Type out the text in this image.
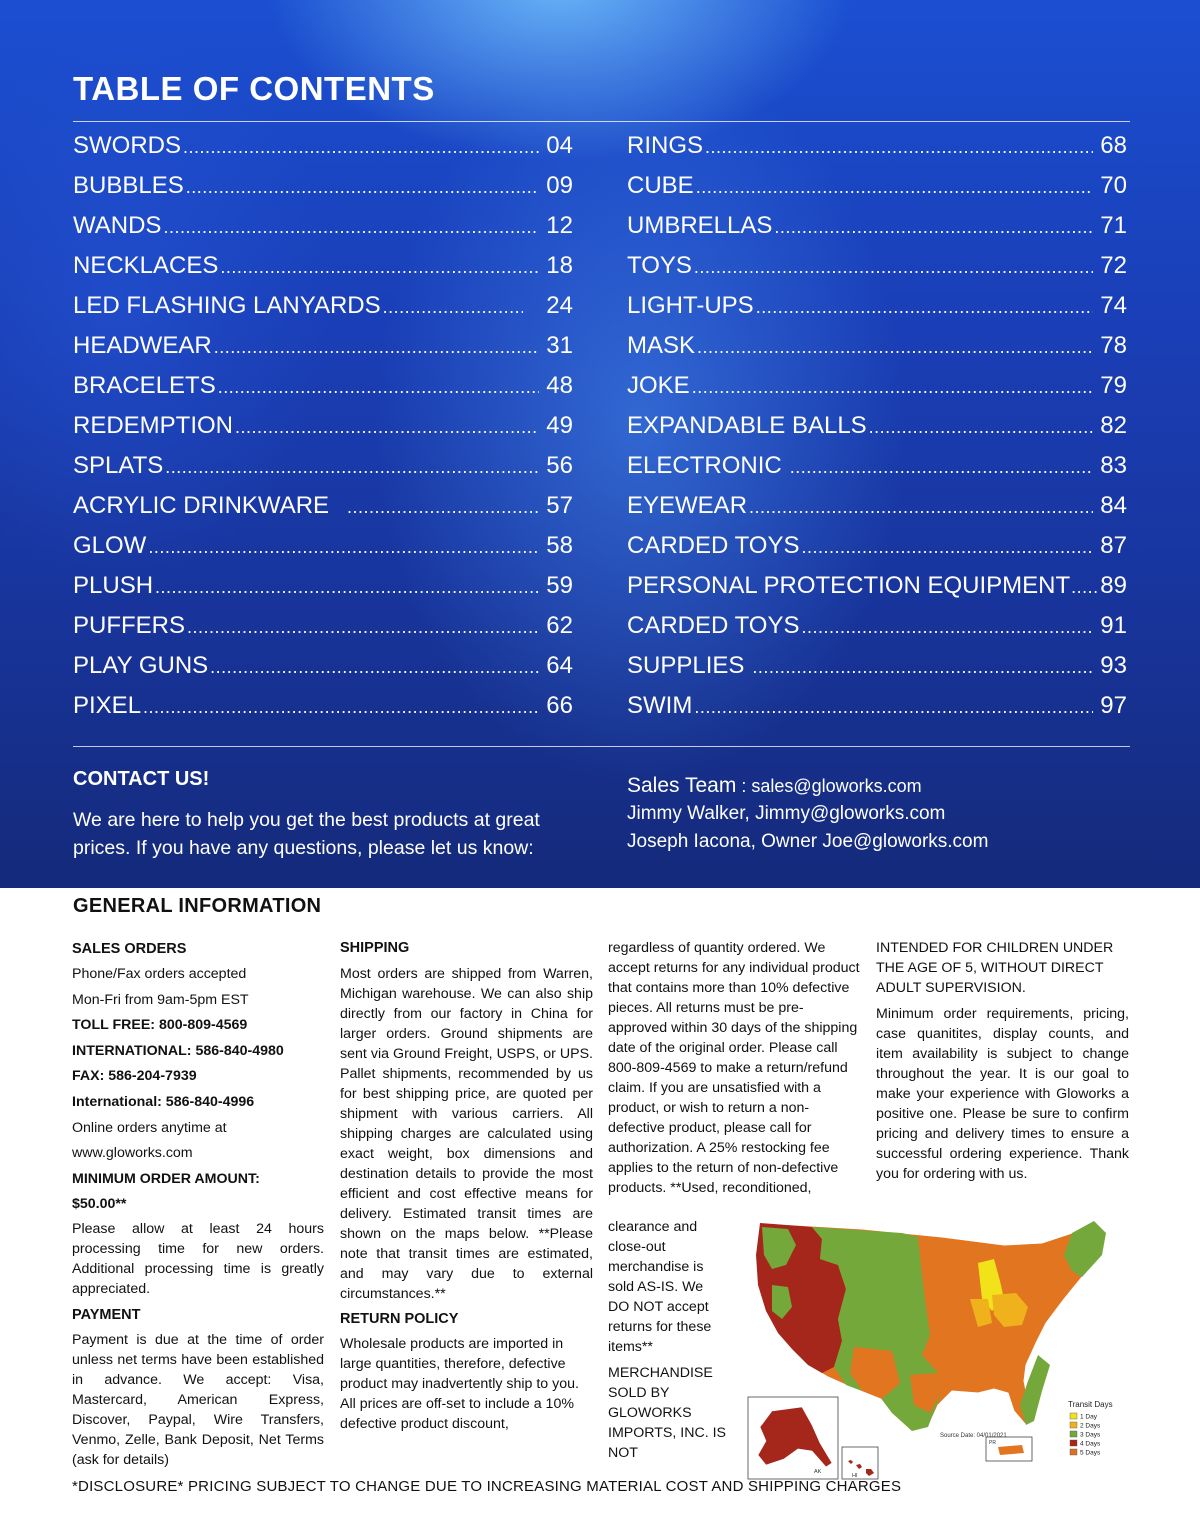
TABLE OF CONTENTS
SWORDS .....	04
BUBBLES .....	09
WANDS .....	12
NECKLACES .....	18
LED FLASHING LANYARDS .....	24
HEADWEAR .....	31
BRACELETS .....	48
REDEMPTION .....	49
SPLATS .....	56
ACRYLIC DRINKWARE .....	57
GLOW .....	58
PLUSH .....	59
PUFFERS .....	62
PLAY GUNS .....	64
PIXEL .....	66
RINGS .....	68
CUBE .....	70
UMBRELLAS .....	71
TOYS .....	72
LIGHT-UPS .....	74
MASK .....	78
JOKE .....	79
EXPANDABLE BALLS .....	82
ELECTRONIC .....	83
EYEWEAR .....	84
CARDED TOYS .....	87
PERSONAL PROTECTION EQUIPMENT ..... 89
CARDED TOYS .....	91
SUPPLIES .....	93
SWIM .....	97
CONTACT US!

We are here to help you get the best products at great prices. If you have any questions, please let us know:

Sales Team : sales@gloworks.com
Jimmy Walker, Jimmy@gloworks.com
Joseph Iacona, Owner Joe@gloworks.com
GENERAL INFORMATION
SALES ORDERS

Phone/Fax orders accepted

Mon-Fri from 9am-5pm EST

TOLL FREE: 800-809-4569

INTERNATIONAL: 586-840-4980

FAX: 586-204-7939

International: 586-840-4996

Online orders anytime at

www.gloworks.com

MINIMUM ORDER AMOUNT:

$50.00**

Please allow at least 24 hours processing time for new orders. Additional processing time is greatly appreciated.

PAYMENT

Payment is due at the time of order unless net terms have been established in advance. We accept: Visa, Mastercard, American Express, Discover, Paypal, Wire Transfers, Venmo, Zelle, Bank Deposit, Net Terms (ask for details)

SHIPPING

Most orders are shipped from Warren, Michigan warehouse. We can also ship directly from our factory in China for larger orders. Ground shipments are sent via Ground Freight, USPS, or UPS. Pallet shipments, recommended by us for best shipping price, are quoted per shipment with various carriers. All shipping charges are calculated using exact weight, box dimensions and destination details to provide the most efficient and cost effective means for delivery. Estimated transit times are shown on the maps below. **Please note that transit times are estimated, and may vary due to external circumstances.**

RETURN POLICY

Wholesale products are imported in large quantities, therefore, defective product may inadvertently ship to you. All prices are off-set to include a 10% defective product discount,

regardless of quantity ordered. We accept returns for any individual product that contains more than 10% defective pieces. All returns must be pre-approved within 30 days of the shipping date of the original order. Please call 800-809-4569 to make a return/refund claim. If you are unsatisfied with a product, or wish to return a non-defective product, please call for authorization. A 25% restocking fee applies to the return of non-defective products. **Used, reconditioned,

clearance and close-out merchandise is sold AS-IS. We DO NOT accept returns for these items**

MERCHANDISE SOLD BY GLOWORKS IMPORTS, INC. IS NOT

INTENDED FOR CHILDREN UNDER THE AGE OF 5, WITHOUT DIRECT ADULT SUPERVISION.

Minimum order requirements, pricing, case quanitites, display counts, and item availability is subject to change throughout the year. It is our goal to make your experience with Gloworks a positive one. Please be sure to confirm pricing and delivery times to ensure a successful ordering experience. Thank you for ordering with us.

AK
HI
PR
Source Date: 04/01/2021
Transit Days
1 Day
2 Days
3 Days
4 Days
5 Days
*DISCLOSURE* PRICING SUBJECT TO CHANGE DUE TO INCREASING MATERIAL COST AND SHIPPING CHARGES
